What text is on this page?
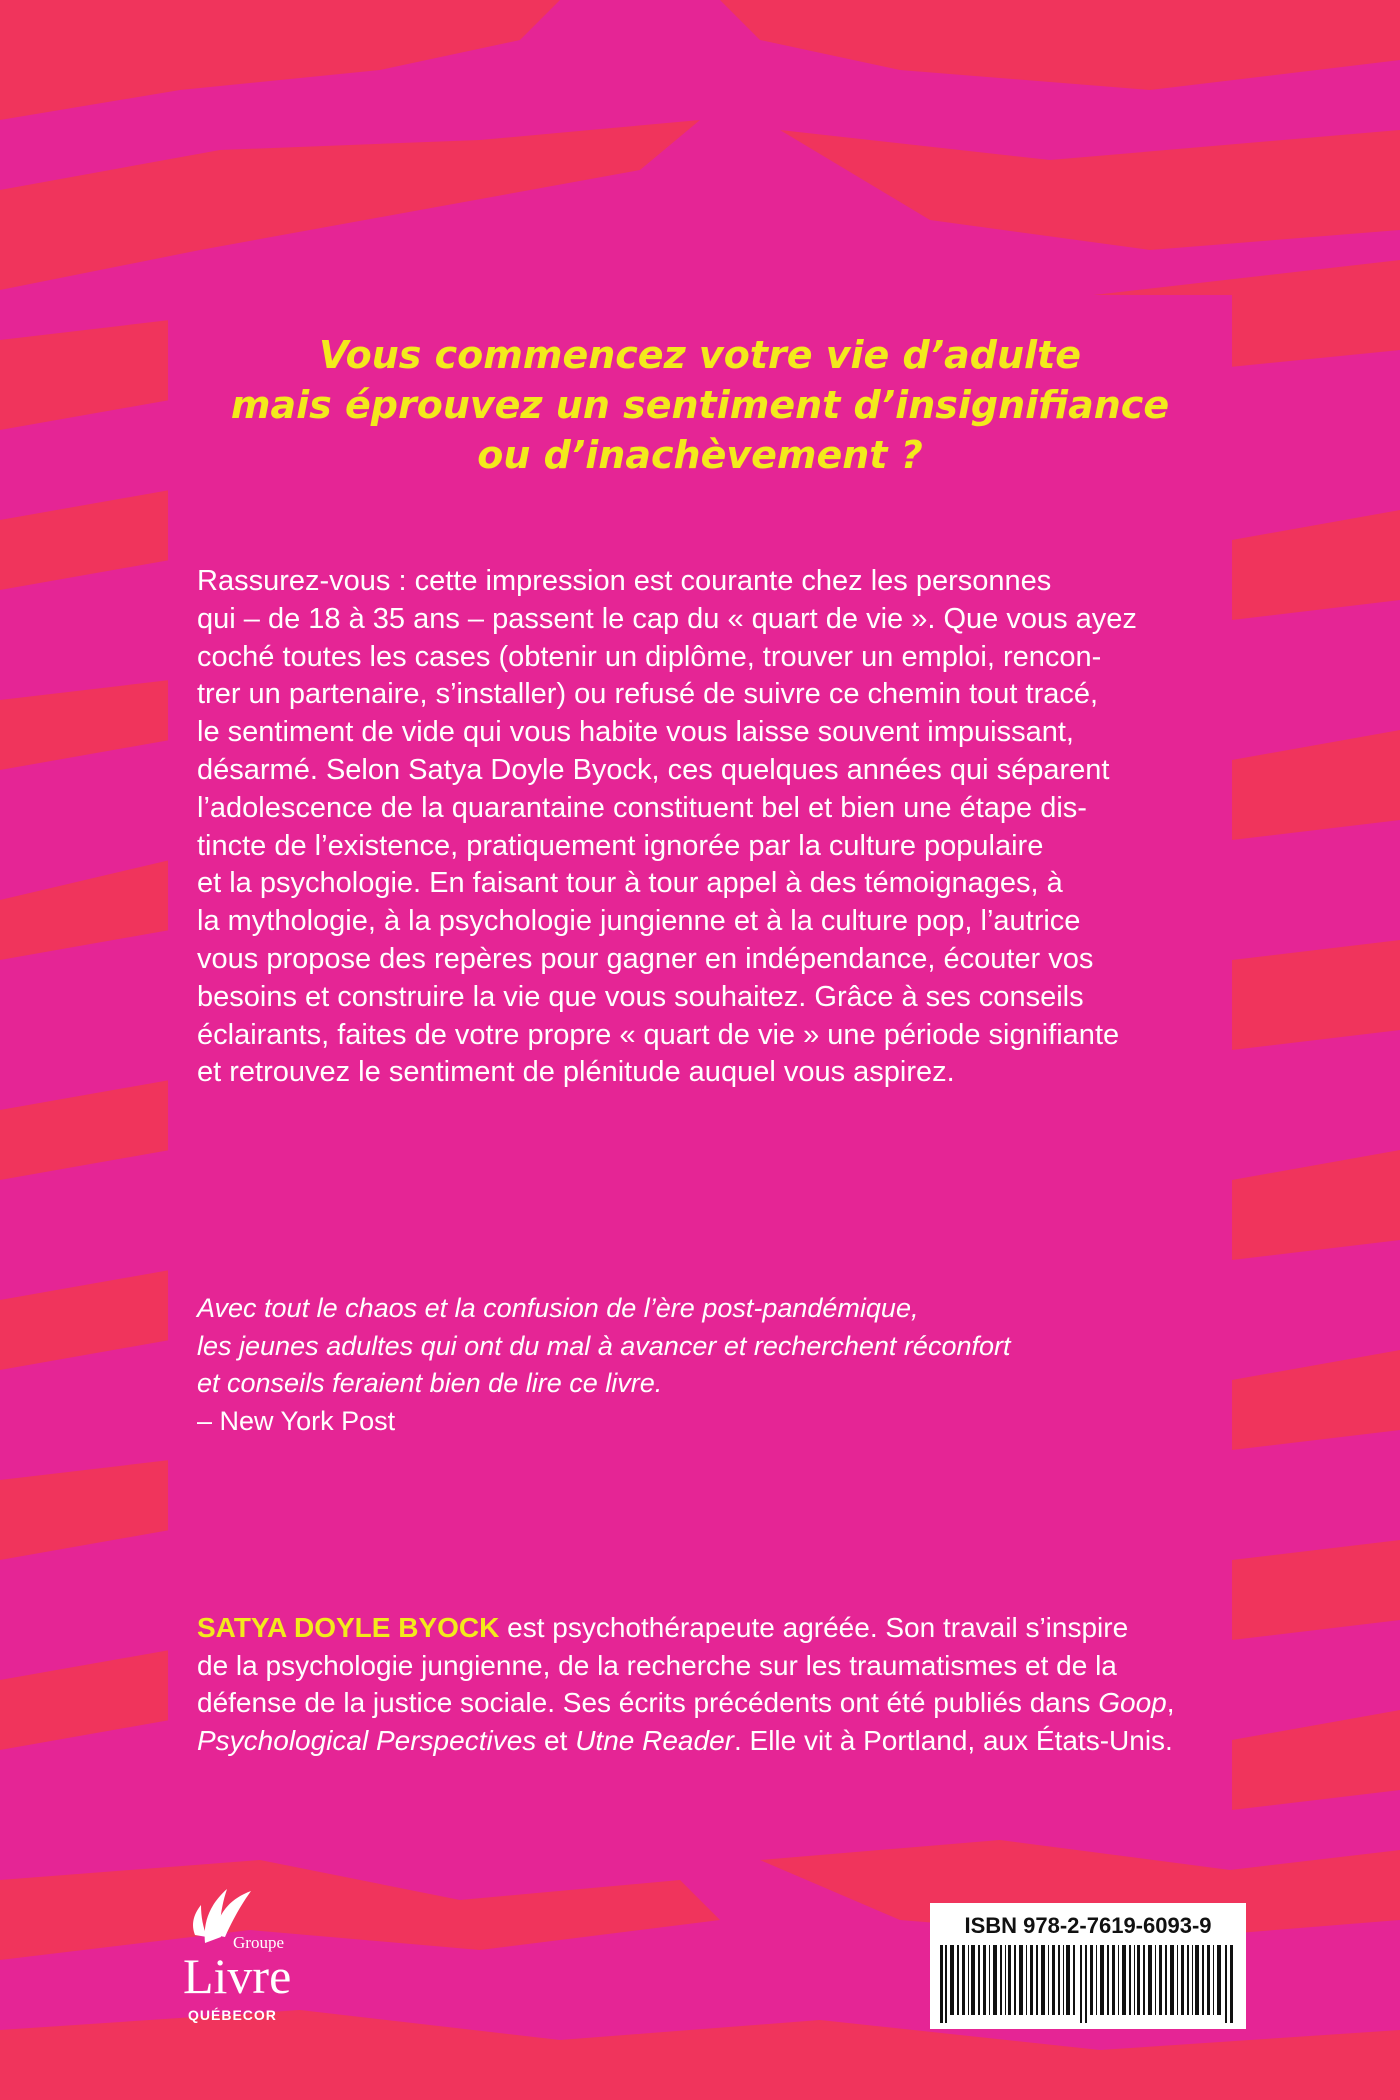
Vous commencez votre vie d’adulte
mais éprouvez un sentiment d’insignifiance
ou d’inachèvement ?
Rassurez-vous : cette impression est courante chez les personnes
qui – de 18 à 35 ans – passent le cap du « quart de vie ». Que vous ayez
coché toutes les cases (obtenir un diplôme, trouver un emploi, rencon-
trer un partenaire, s’installer) ou refusé de suivre ce chemin tout tracé,
le sentiment de vide qui vous habite vous laisse souvent impuissant,
désarmé. Selon Satya Doyle Byock, ces quelques années qui séparent
l’adolescence de la quarantaine constituent bel et bien une étape dis-
tincte de l’existence, pratiquement ignorée par la culture populaire
et la psychologie. En faisant tour à tour appel à des témoignages, à
la mythologie, à la psychologie jungienne et à la culture pop, l’autrice
vous propose des repères pour gagner en indépendance, écouter vos
besoins et construire la vie que vous souhaitez. Grâce à ses conseils
éclairants, faites de votre propre « quart de vie » une période signifiante
et retrouvez le sentiment de plénitude auquel vous aspirez.
Avec tout le chaos et la confusion de l’ère post-pandémique,
les jeunes adultes qui ont du mal à avancer et recherchent réconfort
et conseils feraient bien de lire ce livre.
– New York Post
SATYA DOYLE BYOCK est psychothérapeute agréée. Son travail s’inspire
de la psychologie jungienne, de la recherche sur les traumatismes et de la
défense de la justice sociale. Ses écrits précédents ont été publiés dans Goop,
Psychological Perspectives et Utne Reader. Elle vit à Portland, aux États-Unis.
Groupe
Livre
QUÉBECOR
ISBN 978-2-7619-6093-9
